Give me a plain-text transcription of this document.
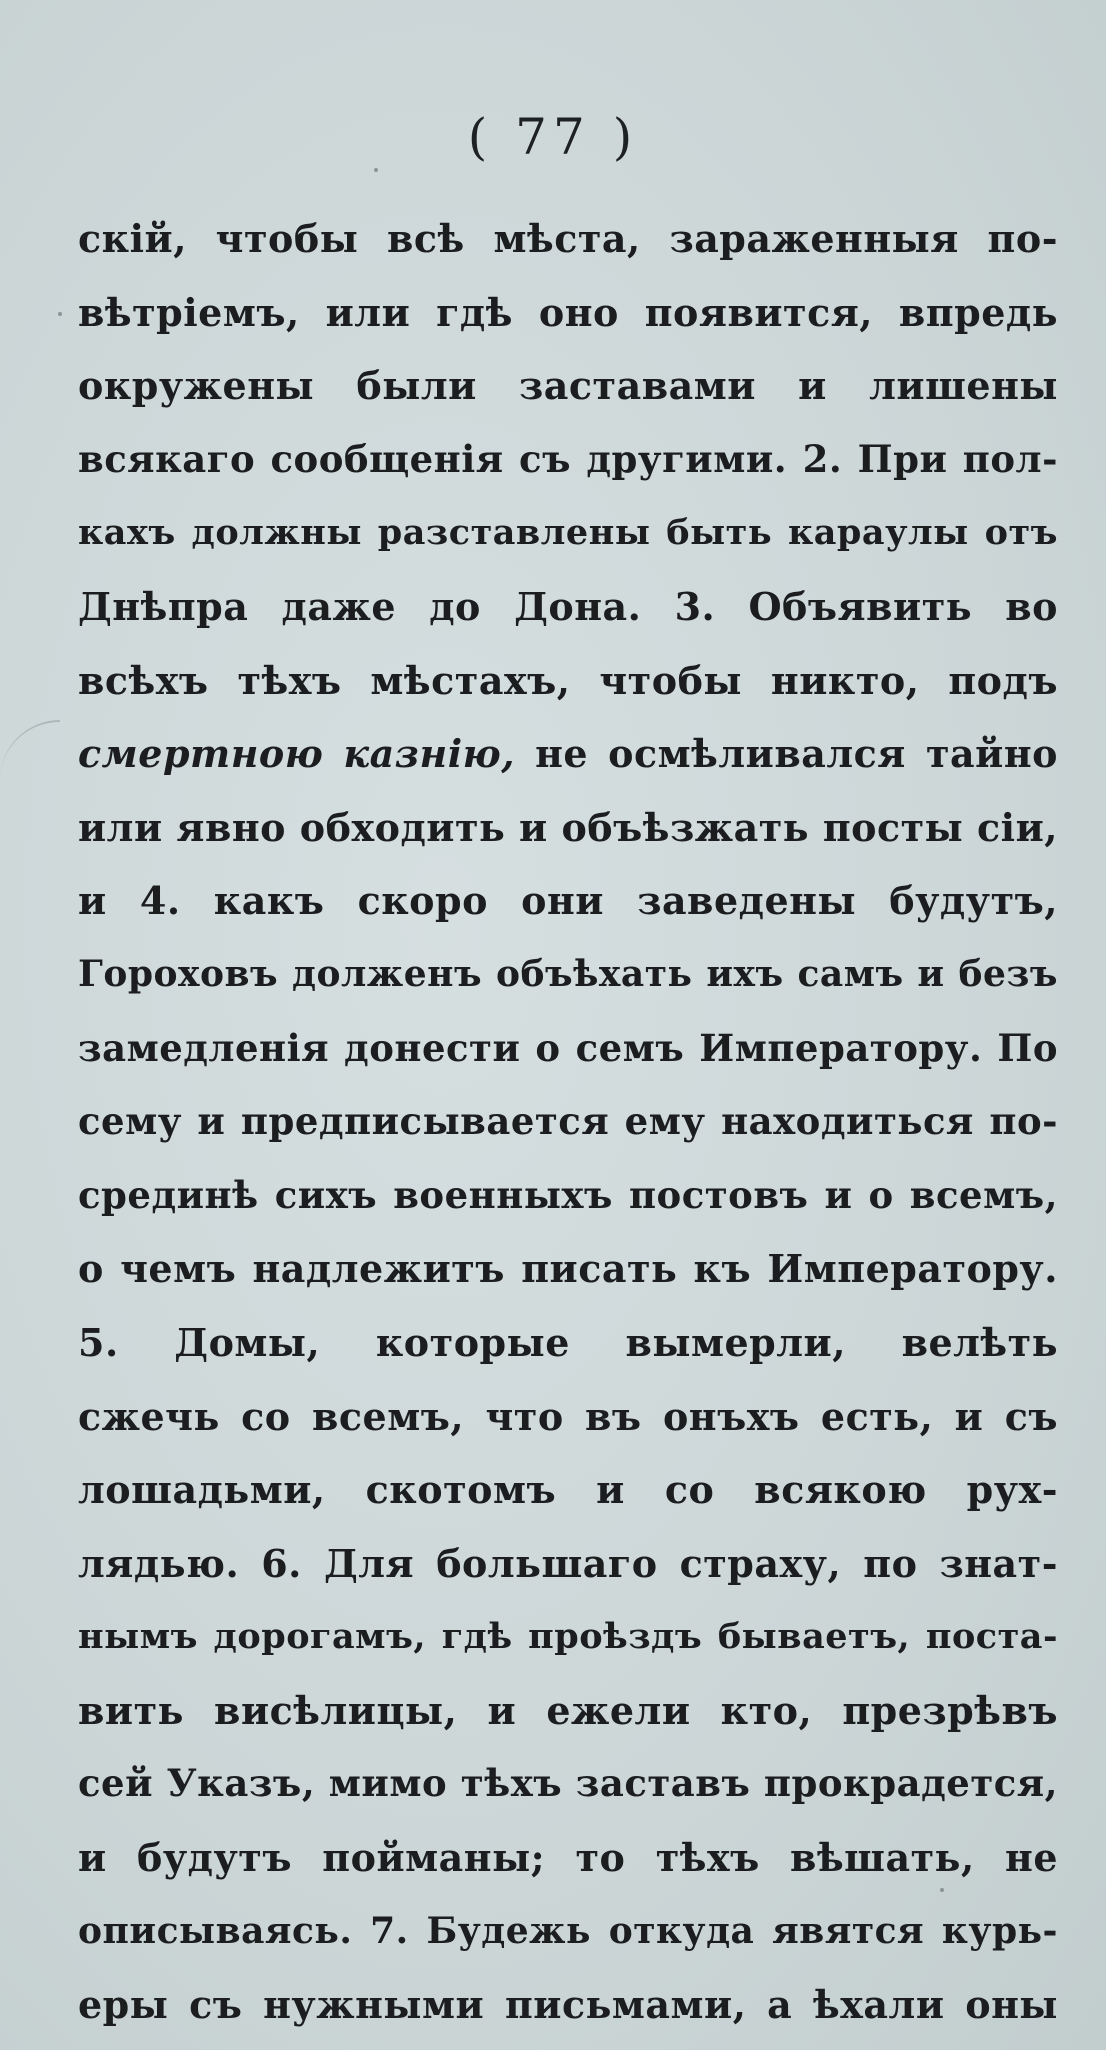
( 77 )
скій, чтобы всѣ мѣста, зараженныя по-
вѣтріемъ, или гдѣ оно появится, впредь
окружены были заставами и лишены
всякаго сообщенія съ другими. 2. При пол-
кахъ должны разставлены быть караулы отъ
Днѣпра даже до Дона. 3. Объявить во
всѣхъ тѣхъ мѣстахъ, чтобы никто, подъ
смертною казнію, не осмѣливался тайно
или явно обходить и объѣзжать посты сіи,
и 4. какъ скоро они заведены будутъ,
Гороховъ долженъ объѣхать ихъ самъ и безъ
замедленія донести о семъ Императору. По
сему и предписывается ему находиться по-
срединѣ сихъ военныхъ постовъ и о всемъ,
о чемъ надлежитъ писать къ Императору.
5. Домы, которые вымерли, велѣть
сжечь со всемъ, что въ онъхъ есть, и съ
лошадьми, скотомъ и со всякою рух-
лядью. 6. Для большаго страху, по знат-
нымъ дорогамъ, гдѣ проѣздъ бываетъ, поста-
вить висѣлицы, и ежели кто, презрѣвъ
сей Указъ, мимо тѣхъ заставъ прокрадется,
и будутъ пойманы; то тѣхъ вѣшать, не
описываясь. 7. Будежь откуда явятся курь-
еры съ нужными письмами, а ѣхали оны
